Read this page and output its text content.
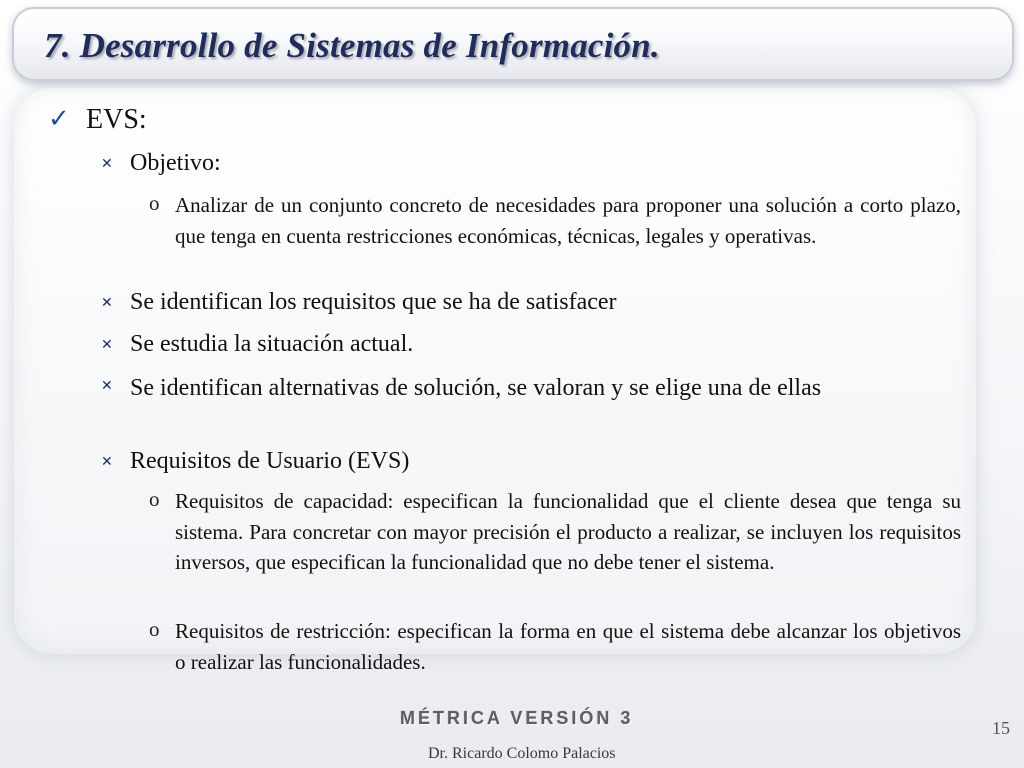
7. Desarrollo de Sistemas de Información.
✓ EVS:
✕ Objetivo:
o Analizar de un conjunto concreto de necesidades para proponer una solución a corto plazo, que tenga en cuenta restricciones económicas, técnicas, legales y operativas.
✕ Se identifican los requisitos que se ha de satisfacer
✕ Se estudia la situación actual.
✕ Se identifican alternativas de solución, se valoran y se elige una de ellas
✕ Requisitos de Usuario (EVS)
o Requisitos de capacidad: especifican la funcionalidad que el cliente desea que tenga su sistema. Para concretar con mayor precisión el producto a realizar, se incluyen los requisitos inversos, que especifican la funcionalidad que no debe tener el sistema.
o Requisitos de restricción: especifican la forma en que el sistema debe alcanzar los objetivos o realizar las funcionalidades.
MÉTRICA VERSIÓN 3
Dr. Ricardo Colomo Palacios
15
